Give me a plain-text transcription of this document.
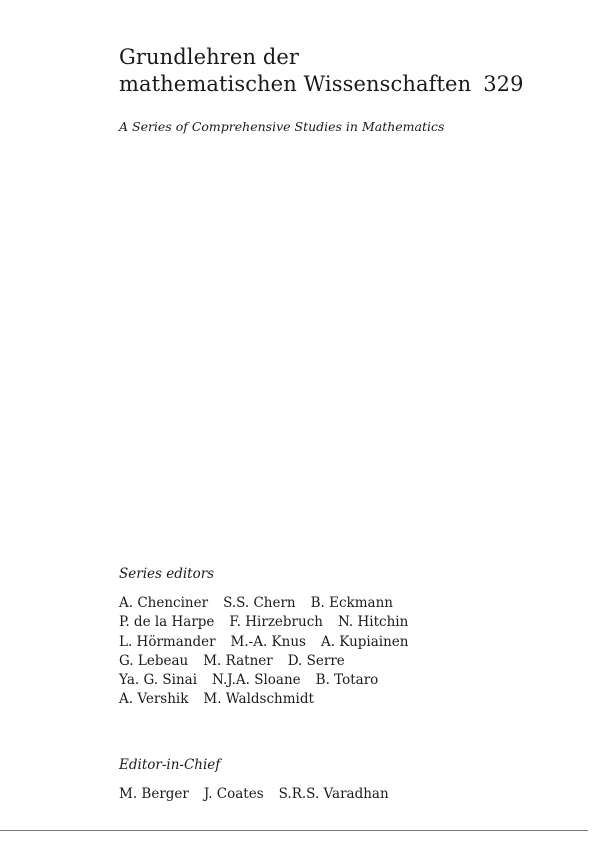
Grundlehren der
mathematischen Wissenschaften 329
A Series of Comprehensive Studies in Mathematics
Series editors
A. Chenciner S.S. Chern B. Eckmann
P. de la Harpe F. Hirzebruch N. Hitchin
L. Hörmander M.-A. Knus A. Kupiainen
G. Lebeau M. Ratner D. Serre
Ya. G. Sinai N.J.A. Sloane B. Totaro
A. Vershik M. Waldschmidt
Editor-in-Chief
M. Berger J. Coates S.R.S. Varadhan
